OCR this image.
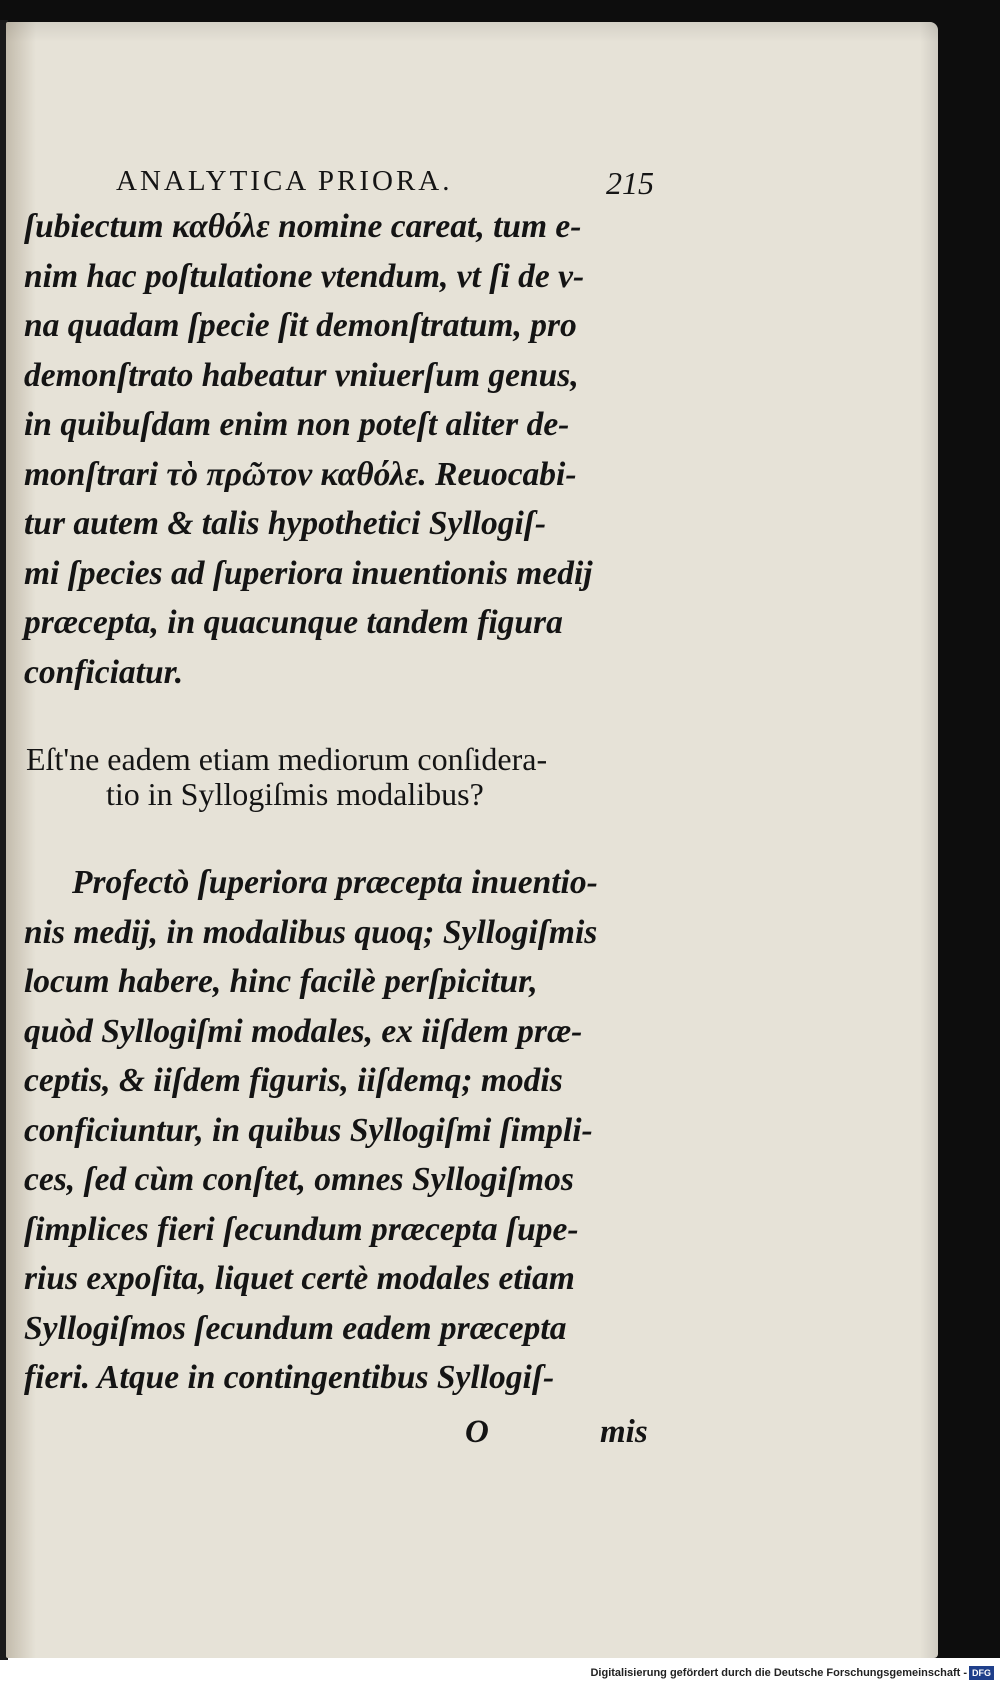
ANALYTICA PRIORA.	215
ſubiectum καθόλε nomine careat, tum e-
nim hac poſtulatione vtendum, vt ſi de v-
na quadam ſpecie ſit demonſtratum, pro
demonſtrato habeatur vniuerſum genus,
in quibuſdam enim non poteſt aliter de-
monſtrari τὸ πρῶτον καθόλε. Reuocabi-
tur autem & talis hypothetici Syllogiſ-
mi ſpecies ad ſuperiora inuentionis medij
præcepta, in quacunque tandem figura
conficiatur.
Eſt'ne eadem etiam mediorum conſidera-
tio in Syllogiſmis modalibus?
Profectò ſuperiora præcepta inuentio-
nis medij, in modalibus quoq; Syllogiſmis
locum habere, hinc facilè perſpicitur,
quòd Syllogiſmi modales, ex iiſdem præ-
ceptis, & iiſdem figuris, iiſdemq; modis
conficiuntur, in quibus Syllogiſmi ſimpli-
ces, ſed cùm conſtet, omnes Syllogiſmos
ſimplices fieri ſecundum præcepta ſupe-
rius expoſita, liquet certè modales etiam
Syllogiſmos ſecundum eadem præcepta
fieri. Atque in contingentibus Syllogiſ-
O	mis
Digitalisierung gefördert durch die Deutsche Forschungsgemeinschaft - DFG
